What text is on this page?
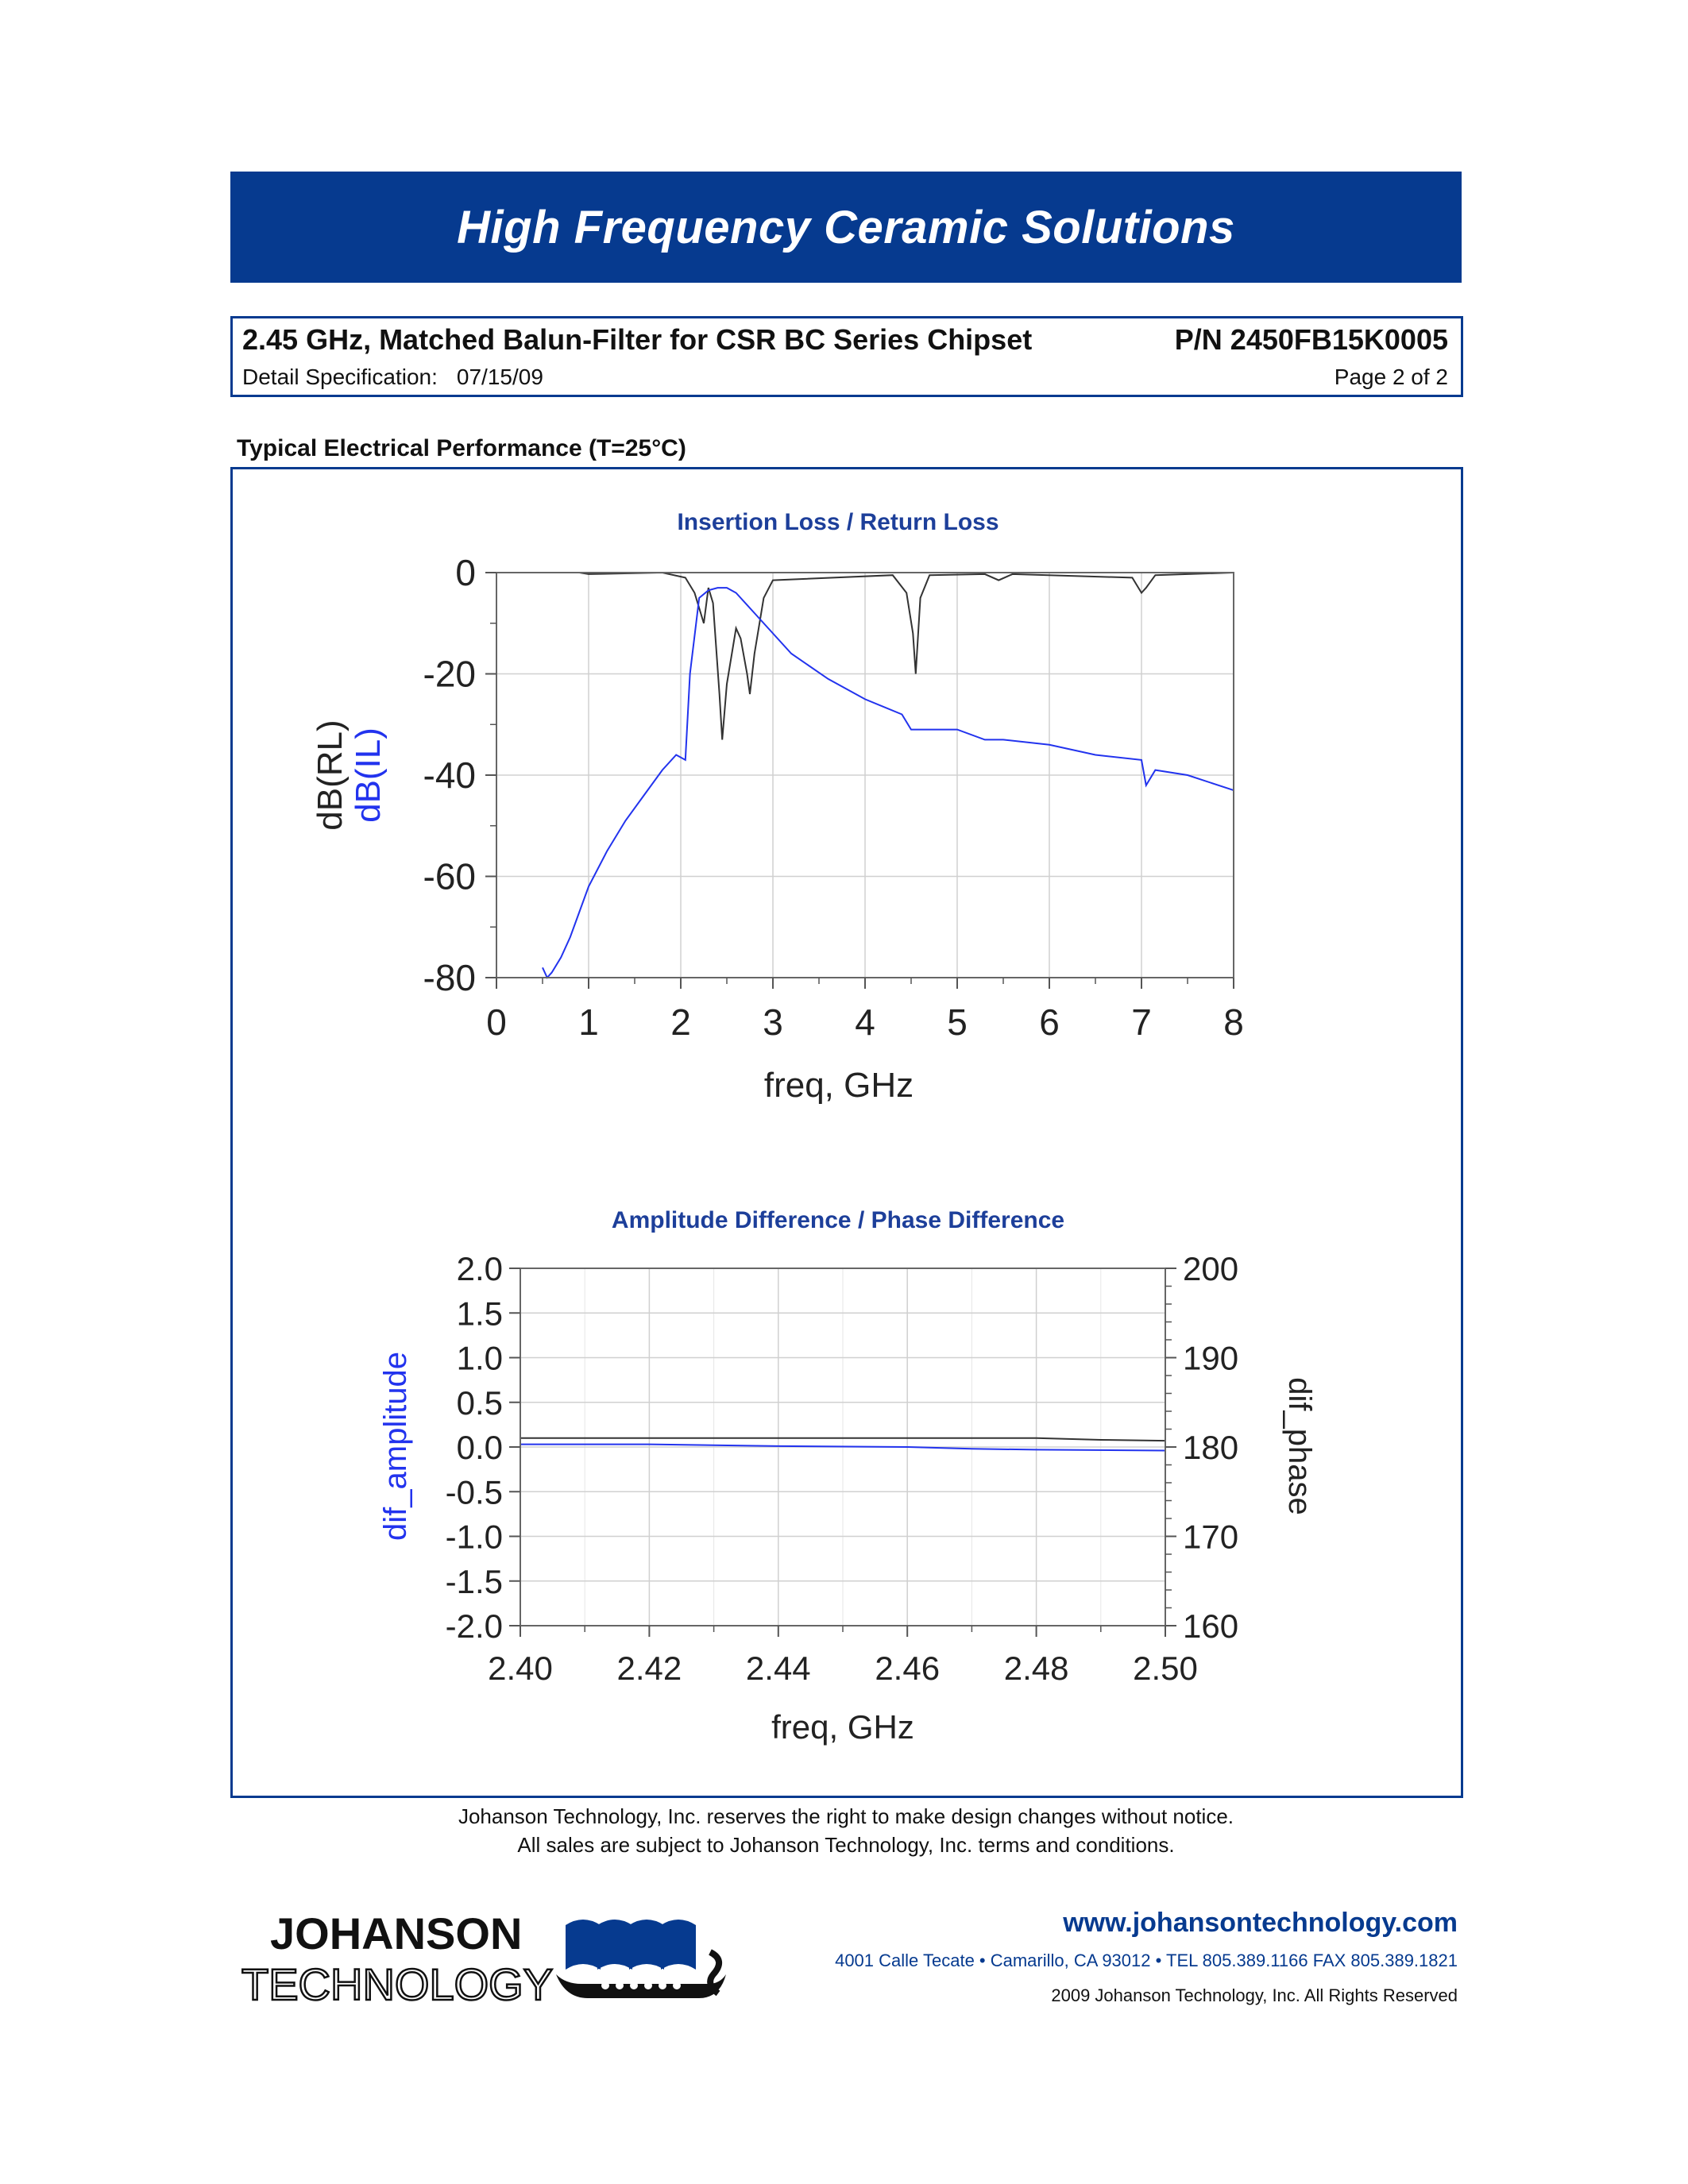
High Frequency Ceramic Solutions
2.45 GHz, Matched Balun-Filter for CSR BC Series Chipset	P/N 2450FB15K0005
Detail Specification: 07/15/09	Page 2 of 2
Typical Electrical Performance (T=25°C)
Insertion Loss / Return Loss
0 1 2 3 4 5 6 7 8
0
-20
-40
-60
-80
freq, GHz
dB(RL) dB(IL)
Amplitude Difference / Phase Difference
2.40 2.42 2.44 2.46 2.48 2.50
2.0
1.5
1.0
0.5
0.0
-0.5
-1.0
-1.5
-2.0
200
190
180
170
160
freq, GHz
dif_amplitude	dif_phase
Johanson Technology, Inc. reserves the right to make design changes without notice.
All sales are subject to Johanson Technology, Inc. terms and conditions.
JOHANSON
TECHNOLOGY
www.johansontechnology.com
4001 Calle Tecate • Camarillo, CA 93012 • TEL 805.389.1166 FAX 805.389.1821
2009 Johanson Technology, Inc. All Rights Reserved
